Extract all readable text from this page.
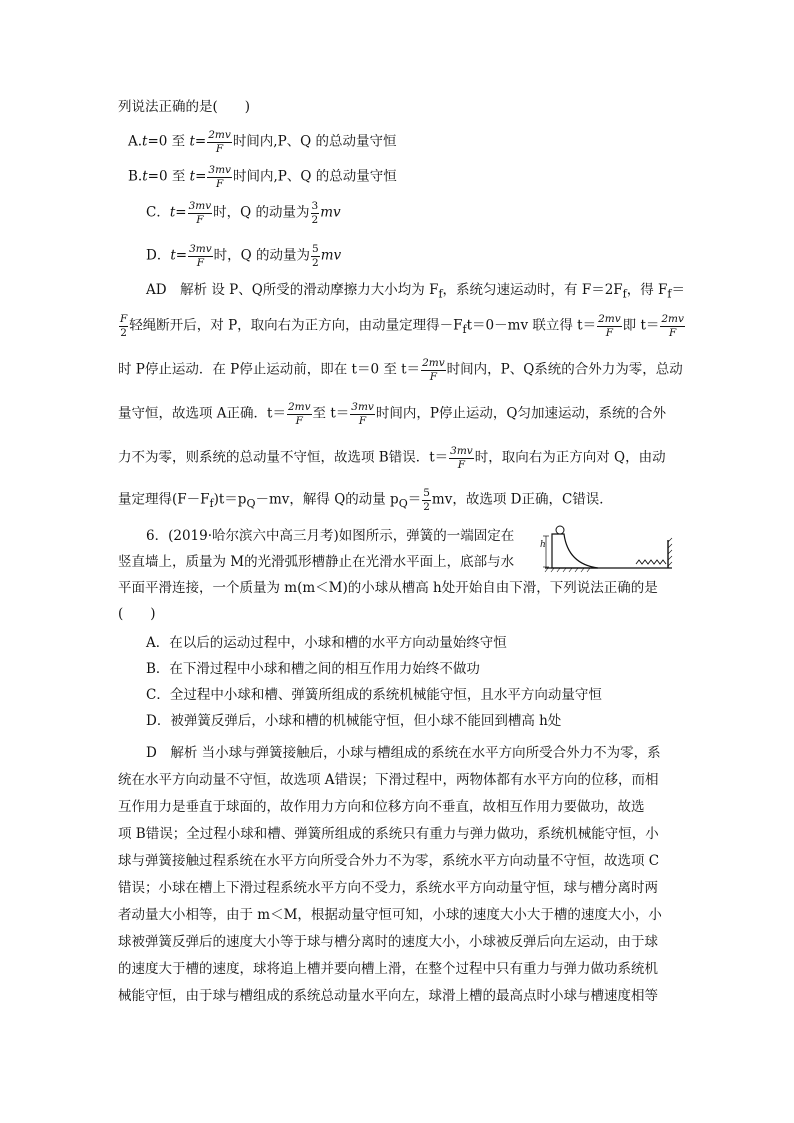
列说法正确的是(　　)
A.t=0 至 $t= \frac{2mv}{F}$ 时间内,P、Q 的总动量守恒
B.t=0 至 $t= \frac{3mv}{F}$ 时间内,P、Q 的总动量守恒
C．$t= \frac{3mv}{F}$ 时，Q 的动量为 $\frac{3}{2}$ mv
D．$t= \frac{3mv}{F}$ 时，Q 的动量为 $\frac{5}{2}$ mv
AD　解析 设 P、Q所受的滑动摩擦力大小均为 $F_f$，系统匀速运动时，有 $F=2F_f$，得 $F_f=$
$\frac{F}{2}$ 轻绳断开后，对 P，取向右为正方向，由动量定理得$-F_ft=0-mv$ 联立得 $t= \frac{2mv}{F}$ 即 $t= \frac{2mv}{F}$
时 P停止运动．在 P停止运动前，即在 t＝0 至 $t= \frac{2mv}{F}$ 时间内，P、Q系统的合外力为零，总动
量守恒，故选项 A正确．$t= \frac{2mv}{F}$ 至 $t= \frac{3mv}{F}$ 时间内，P停止运动，Q匀加速运动，系统的合外
力不为零，则系统的总动量不守恒，故选项 B错误．$t= \frac{3mv}{F}$ 时，取向右为正方向对 Q，由动
量定理得$(F-F_f)t=p_Q-mv$，解得 Q的动量 $p_Q= \frac{5}{2}$ mv，故选项 D正确，C错误．
6．(2019·哈尔滨六中高三月考)如图所示，弹簧的一端固定在
竖直墙上，质量为 M的光滑弧形槽静止在光滑水平面上，底部与水
平面平滑连接，一个质量为 m(m＜M)的小球从槽高 h处开始自由下滑，下列说法正确的是
(　　)
h
A．在以后的运动过程中，小球和槽的水平方向动量始终守恒
B．在下滑过程中小球和槽之间的相互作用力始终不做功
C．全过程中小球和槽、弹簧所组成的系统机械能守恒，且水平方向动量守恒
D．被弹簧反弹后，小球和槽的机械能守恒，但小球不能回到槽高 h处
D　解析 当小球与弹簧接触后，小球与槽组成的系统在水平方向所受合外力不为零，系
统在水平方向动量不守恒，故选项 A错误；下滑过程中，两物体都有水平方向的位移，而相
互作用力是垂直于球面的，故作用力方向和位移方向不垂直，故相互作用力要做功，故选
项 B错误；全过程小球和槽、弹簧所组成的系统只有重力与弹力做功，系统机械能守恒，小
球与弹簧接触过程系统在水平方向所受合外力不为零，系统水平方向动量不守恒，故选项 C
错误；小球在槽上下滑过程系统水平方向不受力，系统水平方向动量守恒，球与槽分离时两
者动量大小相等，由于 m＜M，根据动量守恒可知，小球的速度大小大于槽的速度大小，小
球被弹簧反弹后的速度大小等于球与槽分离时的速度大小，小球被反弹后向左运动，由于球
的速度大于槽的速度，球将追上槽并要向槽上滑，在整个过程中只有重力与弹力做功系统机
械能守恒，由于球与槽组成的系统总动量水平向左，球滑上槽的最高点时小球与槽速度相等
